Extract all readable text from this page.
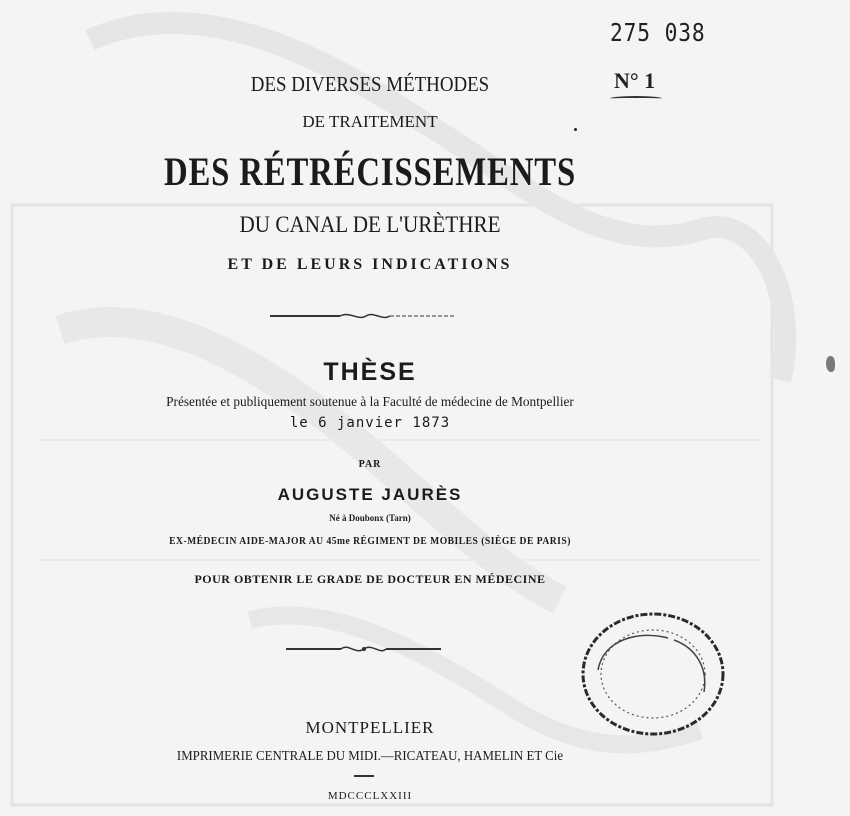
275 038
N° 1
DES DIVERSES MÉTHODES
DE TRAITEMENT
DES RÉTRÉCISSEMENTS
DU CANAL DE L'URÈTHRE
ET DE LEURS INDICATIONS
THÈSE
Présentée et publiquement soutenue à la Faculté de médecine de Montpellier
le 6 janvier 1873
PAR
AUGUSTE JAURÈS
Né à Doubonx (Tarn)
EX-MÉDECIN AIDE-MAJOR AU 45me RÉGIMENT DE MOBILES (SIÈGE DE PARIS)
POUR OBTENIR LE GRADE DE DOCTEUR EN MÉDECINE
MONTPELLIER
IMPRIMERIE CENTRALE DU MIDI.—RICATEAU, HAMELIN ET Cie
MDCCCLXXIII
